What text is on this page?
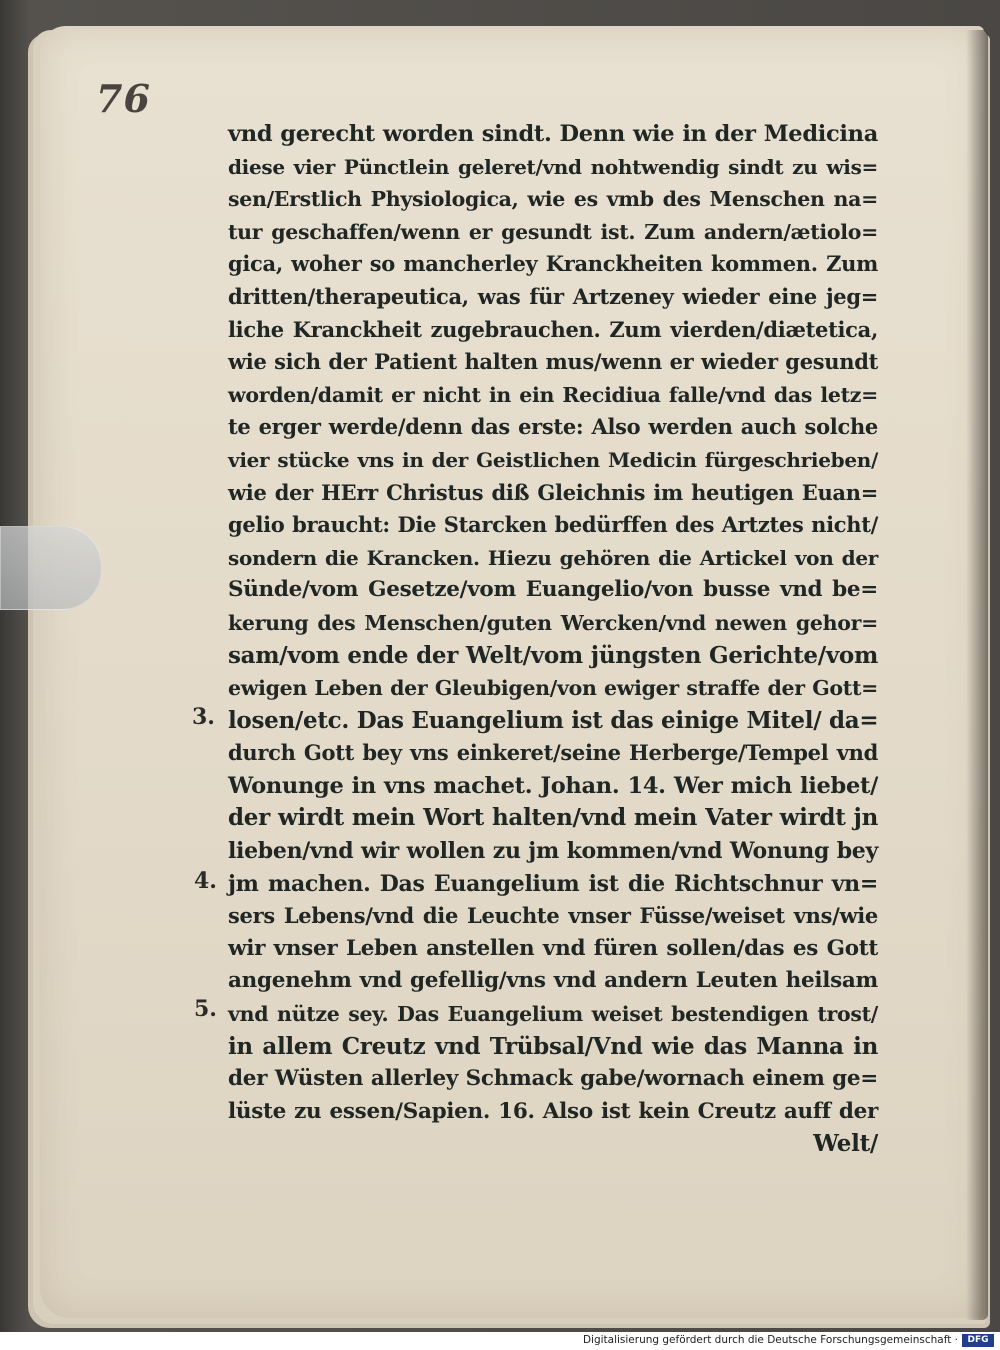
76
vnd gerecht worden sindt. Denn wie in der Medicina
diese vier Pünctlein geleret/vnd nohtwendig sindt zu wis=
sen/Erstlich Physiologica, wie es vmb des Menschen na=
tur geschaffen/wenn er gesundt ist. Zum andern/ætiolo=
gica, woher so mancherley Kranckheiten kommen. Zum
dritten/therapeutica, was für Artzeney wieder eine jeg=
liche Kranckheit zugebrauchen. Zum vierden/diætetica,
wie sich der Patient halten mus/wenn er wieder gesundt
worden/damit er nicht in ein Recidiua falle/vnd das letz=
te erger werde/denn das erste: Also werden auch solche
vier stücke vns in der Geistlichen Medicin fürgeschrieben/
wie der HErr Christus diß Gleichnis im heutigen Euan=
gelio braucht: Die Starcken bedürffen des Artztes nicht/
sondern die Krancken. Hiezu gehören die Artickel von der
Sünde/vom Gesetze/vom Euangelio/von busse vnd be=
kerung des Menschen/guten Wercken/vnd newen gehor=
sam/vom ende der Welt/vom jüngsten Gerichte/vom
ewigen Leben der Gleubigen/von ewiger straffe der Gott=
losen/etc. Das Euangelium ist das einige Mitel/ da=
durch Gott bey vns einkeret/seine Herberge/Tempel vnd
Wonunge in vns machet. Johan. 14. Wer mich liebet/
der wirdt mein Wort halten/vnd mein Vater wirdt jn
lieben/vnd wir wollen zu jm kommen/vnd Wonung bey
jm machen. Das Euangelium ist die Richtschnur vn=
sers Lebens/vnd die Leuchte vnser Füsse/weiset vns/wie
wir vnser Leben anstellen vnd füren sollen/das es Gott
angenehm vnd gefellig/vns vnd andern Leuten heilsam
vnd nütze sey. Das Euangelium weiset bestendigen trost/
in allem Creutz vnd Trübsal/Vnd wie das Manna in
der Wüsten allerley Schmack gabe/wornach einem ge=
lüste zu essen/Sapien. 16. Also ist kein Creutz auff der
Welt/
3.
4.
5.
Digitalisierung gefördert durch die Deutsche Forschungsgemeinschaft ·	DFG
